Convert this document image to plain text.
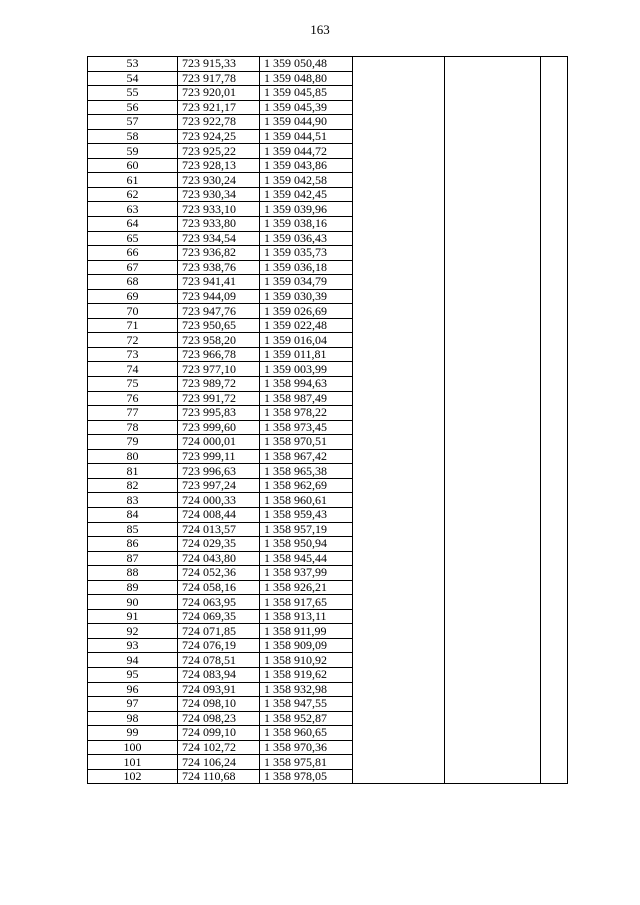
163
53	723 915,33	1 359 050,48			
54	723 917,78	1 359 048,80			
55	723 920,01	1 359 045,85			
56	723 921,17	1 359 045,39			
57	723 922,78	1 359 044,90			
58	723 924,25	1 359 044,51			
59	723 925,22	1 359 044,72			
60	723 928,13	1 359 043,86			
61	723 930,24	1 359 042,58			
62	723 930,34	1 359 042,45			
63	723 933,10	1 359 039,96			
64	723 933,80	1 359 038,16			
65	723 934,54	1 359 036,43			
66	723 936,82	1 359 035,73			
67	723 938,76	1 359 036,18			
68	723 941,41	1 359 034,79			
69	723 944,09	1 359 030,39			
70	723 947,76	1 359 026,69			
71	723 950,65	1 359 022,48			
72	723 958,20	1 359 016,04			
73	723 966,78	1 359 011,81			
74	723 977,10	1 359 003,99			
75	723 989,72	1 358 994,63			
76	723 991,72	1 358 987,49			
77	723 995,83	1 358 978,22			
78	723 999,60	1 358 973,45			
79	724 000,01	1 358 970,51			
80	723 999,11	1 358 967,42			
81	723 996,63	1 358 965,38			
82	723 997,24	1 358 962,69			
83	724 000,33	1 358 960,61			
84	724 008,44	1 358 959,43			
85	724 013,57	1 358 957,19			
86	724 029,35	1 358 950,94			
87	724 043,80	1 358 945,44			
88	724 052,36	1 358 937,99			
89	724 058,16	1 358 926,21			
90	724 063,95	1 358 917,65			
91	724 069,35	1 358 913,11			
92	724 071,85	1 358 911,99			
93	724 076,19	1 358 909,09			
94	724 078,51	1 358 910,92			
95	724 083,94	1 358 919,62			
96	724 093,91	1 358 932,98			
97	724 098,10	1 358 947,55			
98	724 098,23	1 358 952,87			
99	724 099,10	1 358 960,65			
100	724 102,72	1 358 970,36			
101	724 106,24	1 358 975,81			
102	724 110,68	1 358 978,05			
